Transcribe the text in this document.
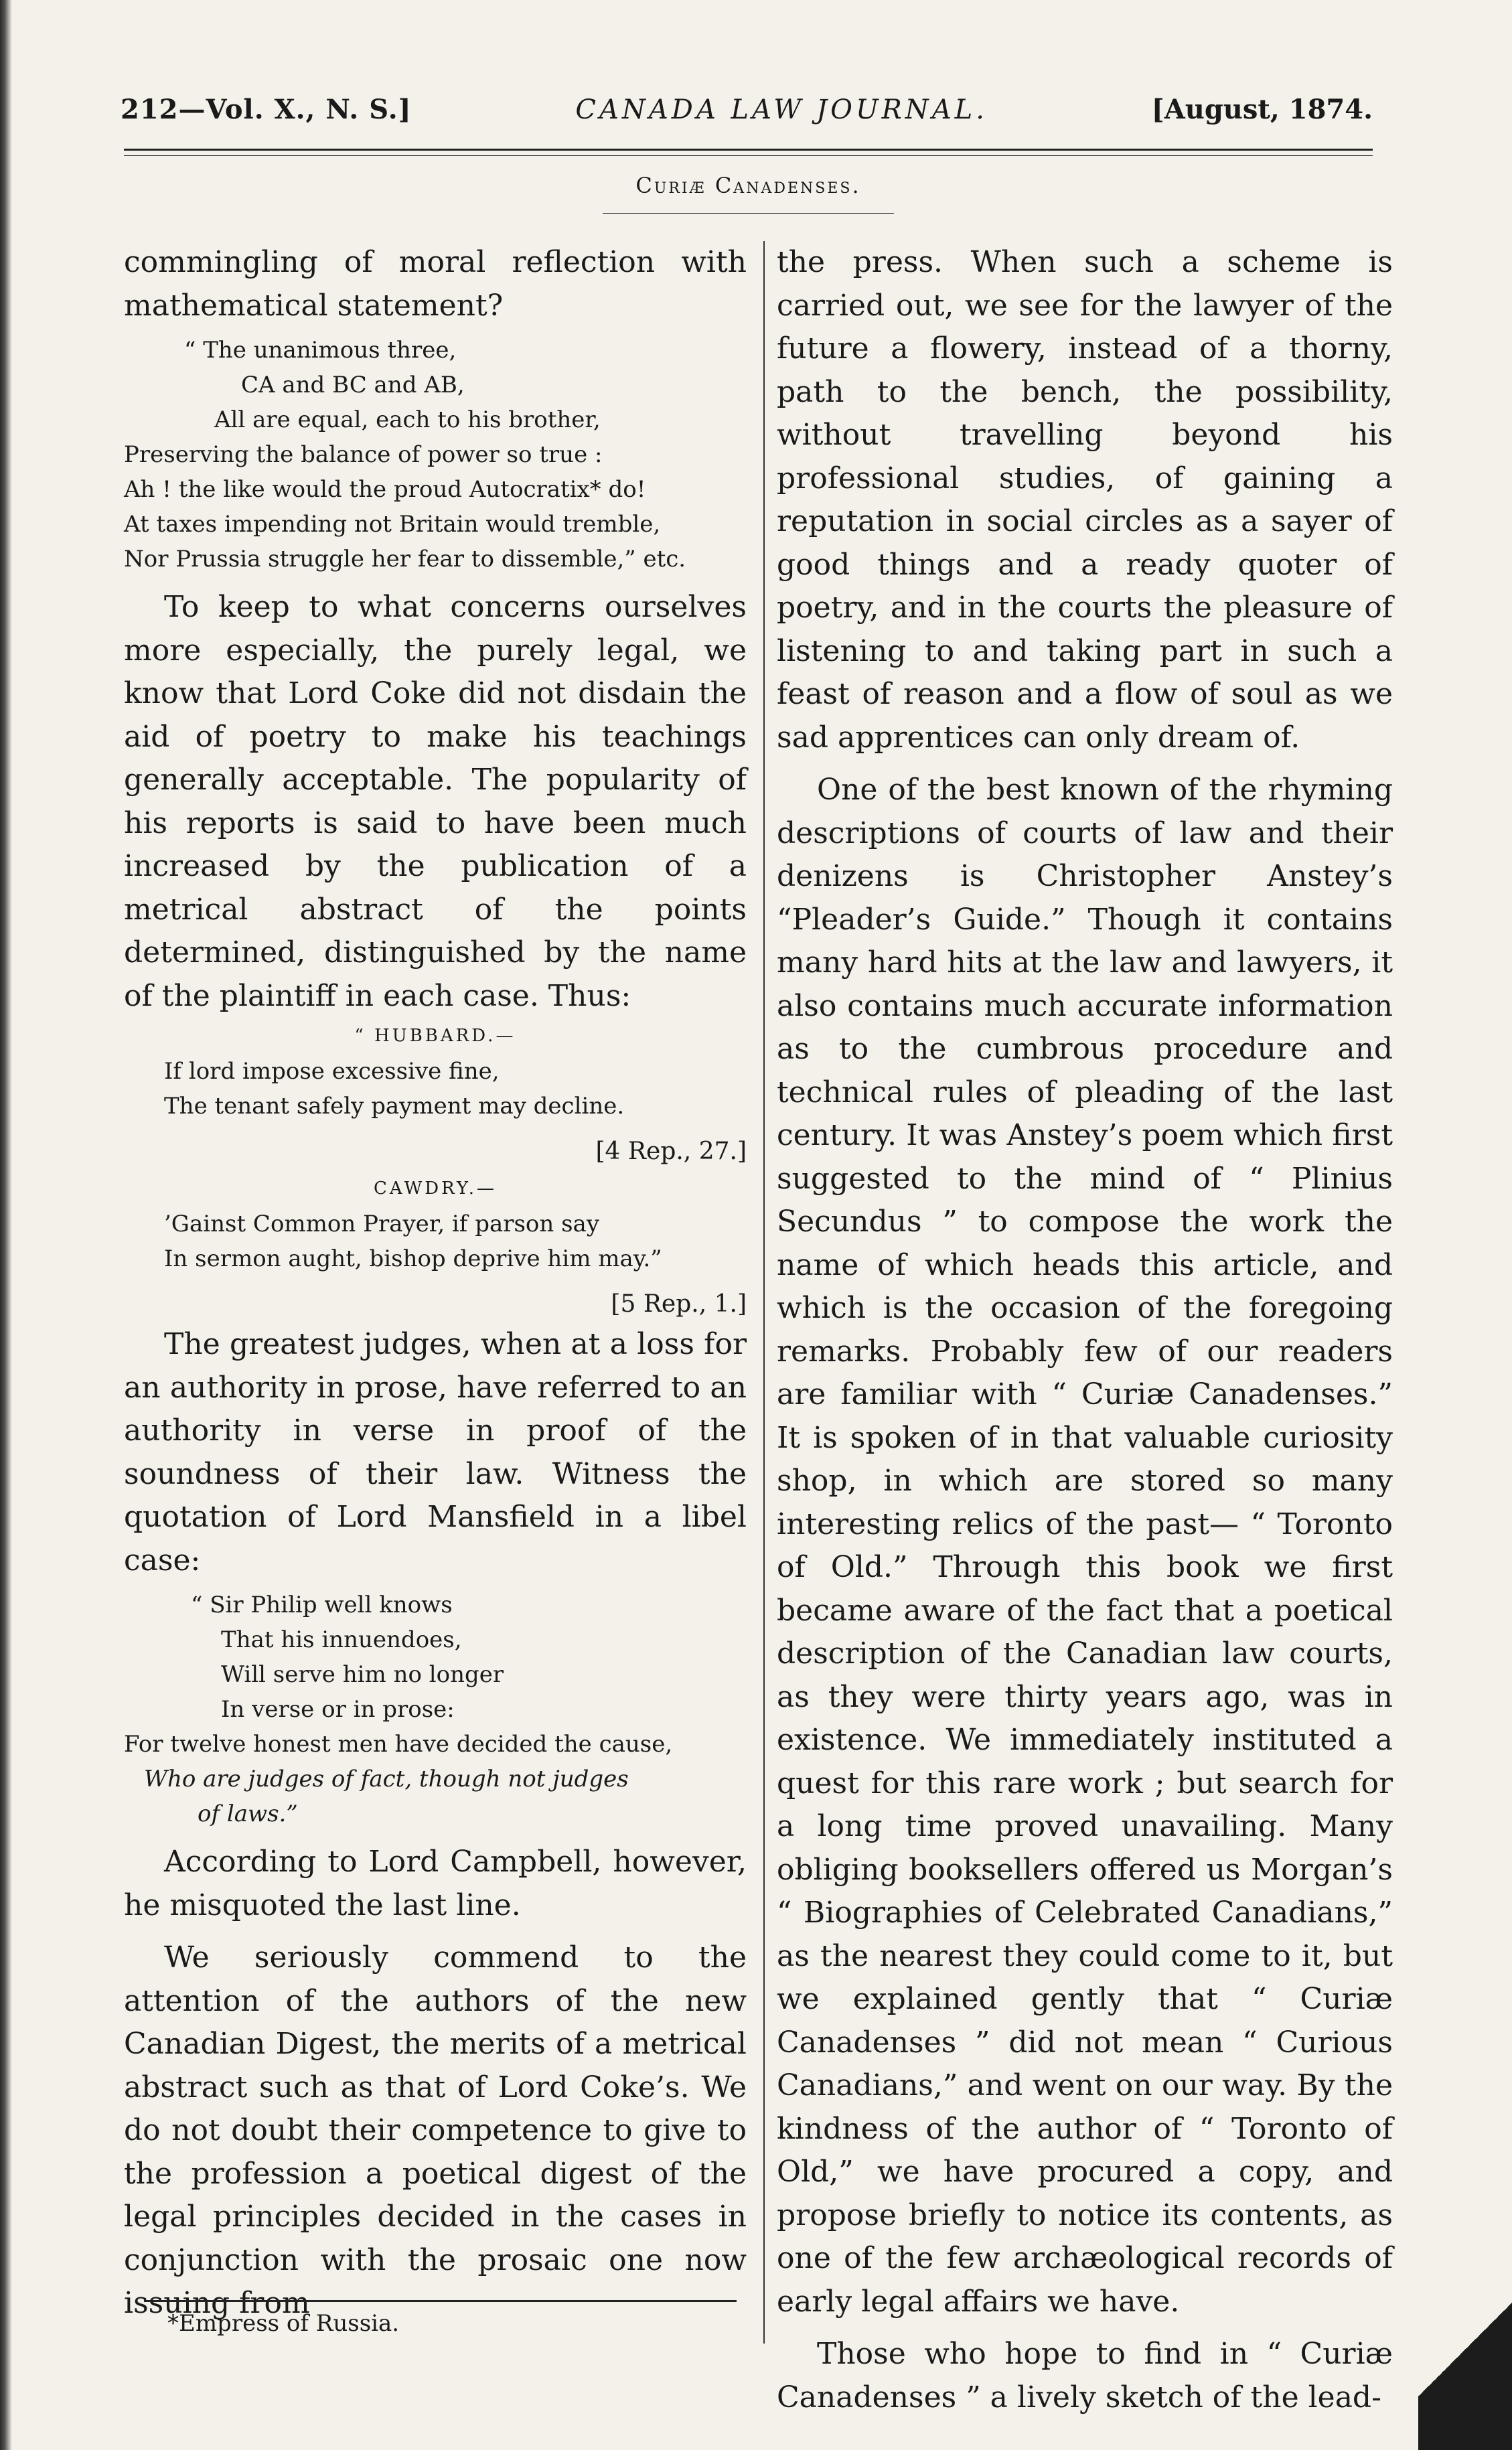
212—Vol. X., N. S.]	CANADA LAW JOURNAL.	[August, 1874.
Curiæ Canadenses.

commingling of moral reflection with mathematical statement?

“ The unanimous three,
CA and BC and AB,
All are equal, each to his brother,
Preserving the balance of power so true :
Ah ! the like would the proud Autocratix* do!
At taxes impending not Britain would tremble,
Nor Prussia struggle her fear to dissemble,” etc.

To keep to what concerns ourselves more especially, the purely legal, we know that Lord Coke did not disdain the aid of poetry to make his teachings generally acceptable. The popularity of his reports is said to have been much increased by the publication of a metrical abstract of the points determined, distinguished by the name of the plaintiff in each case. Thus:

“ HUBBARD.—
If lord impose excessive fine,
The tenant safely payment may decline.
[4 Rep., 27.]
CAWDRY.—
’Gainst Common Prayer, if parson say
In sermon aught, bishop deprive him may.”
[5 Rep., 1.]

The greatest judges, when at a loss for an authority in prose, have referred to an authority in verse in proof of the soundness of their law. Witness the quotation of Lord Mansfield in a libel case:

“ Sir Philip well knows
That his innuendoes,
Will serve him no longer
In verse or in prose:
For twelve honest men have decided the cause,
Who are judges of fact, though not judges
of laws.”

According to Lord Campbell, however, he misquoted the last line.

We seriously commend to the attention of the authors of the new Canadian Digest, the merits of a metrical abstract such as that of Lord Coke’s. We do not doubt their competence to give to the profession a poetical digest of the legal principles decided in the cases in conjunction with the prosaic one now issuing from

*Empress of Russia.

the press. When such a scheme is carried out, we see for the lawyer of the future a flowery, instead of a thorny, path to the bench, the possibility, without travelling beyond his professional studies, of gaining a reputation in social circles as a sayer of good things and a ready quoter of poetry, and in the courts the pleasure of listening to and taking part in such a feast of reason and a flow of soul as we sad apprentices can only dream of.

One of the best known of the rhyming descriptions of courts of law and their denizens is Christopher Anstey’s “Pleader’s Guide.” Though it contains many hard hits at the law and lawyers, it also contains much accurate information as to the cumbrous procedure and technical rules of pleading of the last century. It was Anstey’s poem which first suggested to the mind of “ Plinius Secundus ” to compose the work the name of which heads this article, and which is the occasion of the foregoing remarks. Probably few of our readers are familiar with “ Curiæ Canadenses.” It is spoken of in that valuable curiosity shop, in which are stored so many interesting relics of the past— “ Toronto of Old.” Through this book we first became aware of the fact that a poetical description of the Canadian law courts, as they were thirty years ago, was in existence. We immediately instituted a quest for this rare work ; but search for a long time proved unavailing. Many obliging booksellers offered us Morgan’s “ Biographies of Celebrated Canadians,” as the nearest they could come to it, but we explained gently that “ Curiæ Canadenses ” did not mean “ Curious Canadians,” and went on our way. By the kindness of the author of “ Toronto of Old,” we have procured a copy, and propose briefly to notice its contents, as one of the few archæological records of early legal affairs we have.

Those who hope to find in “ Curiæ Canadenses ” a lively sketch of the lead-
